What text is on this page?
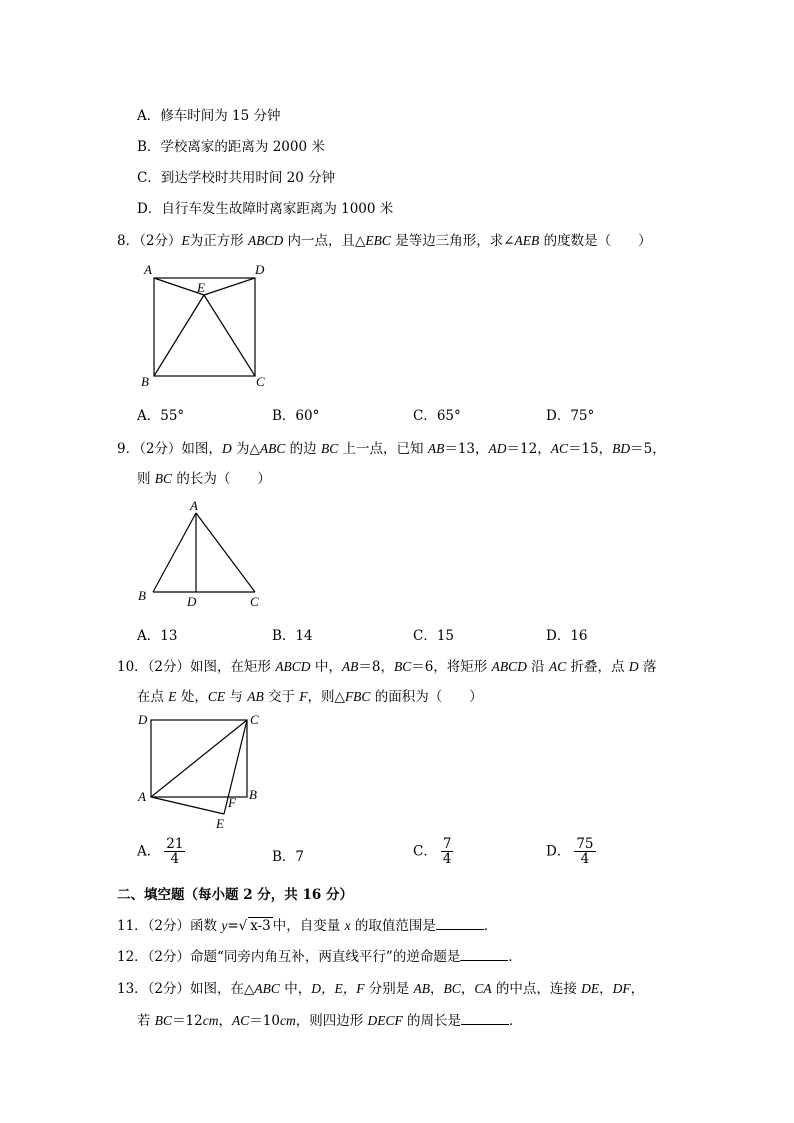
A．修车时间为 15 分钟
B．学校离家的距离为 2000 米
C．到达学校时共用时间 20 分钟
D．自行车发生故障时离家距离为 1000 米
8．（2分）E为正方形 ABCD 内一点，且△EBC 是等边三角形，求∠AEB 的度数是（　　）
A	D
E
B	C
A．55°	B．60°	C．65°	D．75°
9．（2分）如图，D 为△ABC 的边 BC 上一点，已知 AB＝13，AD＝12，AC＝15，BD＝5，
则 BC 的长为（　　）
A
B	D	C
A．13	B．14	C．15	D．16
10．（2分）如图，在矩形 ABCD 中，AB＝8，BC＝6，将矩形 ABCD 沿 AC 折叠，点 D 落
在点 E 处，CE 与 AB 交于 F，则△FBC 的面积为（　　）
D	C
A	B
F
E
A． $\frac{21}{4}$	B．7	C． $\frac{7}{4}$	D． $\frac{75}{4}$
二、填空题（每小题 2 分，共 16 分）
11．（2分）函数 y=√ x-3 中，自变量 x 的取值范围是	．
12．（2分）命题“同旁内角互补，两直线平行”的逆命题是	．
13．（2分）如图，在△ABC 中，D，E，F 分别是 AB，BC，CA 的中点，连接 DE，DF，
若 BC＝12cm，AC＝10cm，则四边形 DECF 的周长是	．
